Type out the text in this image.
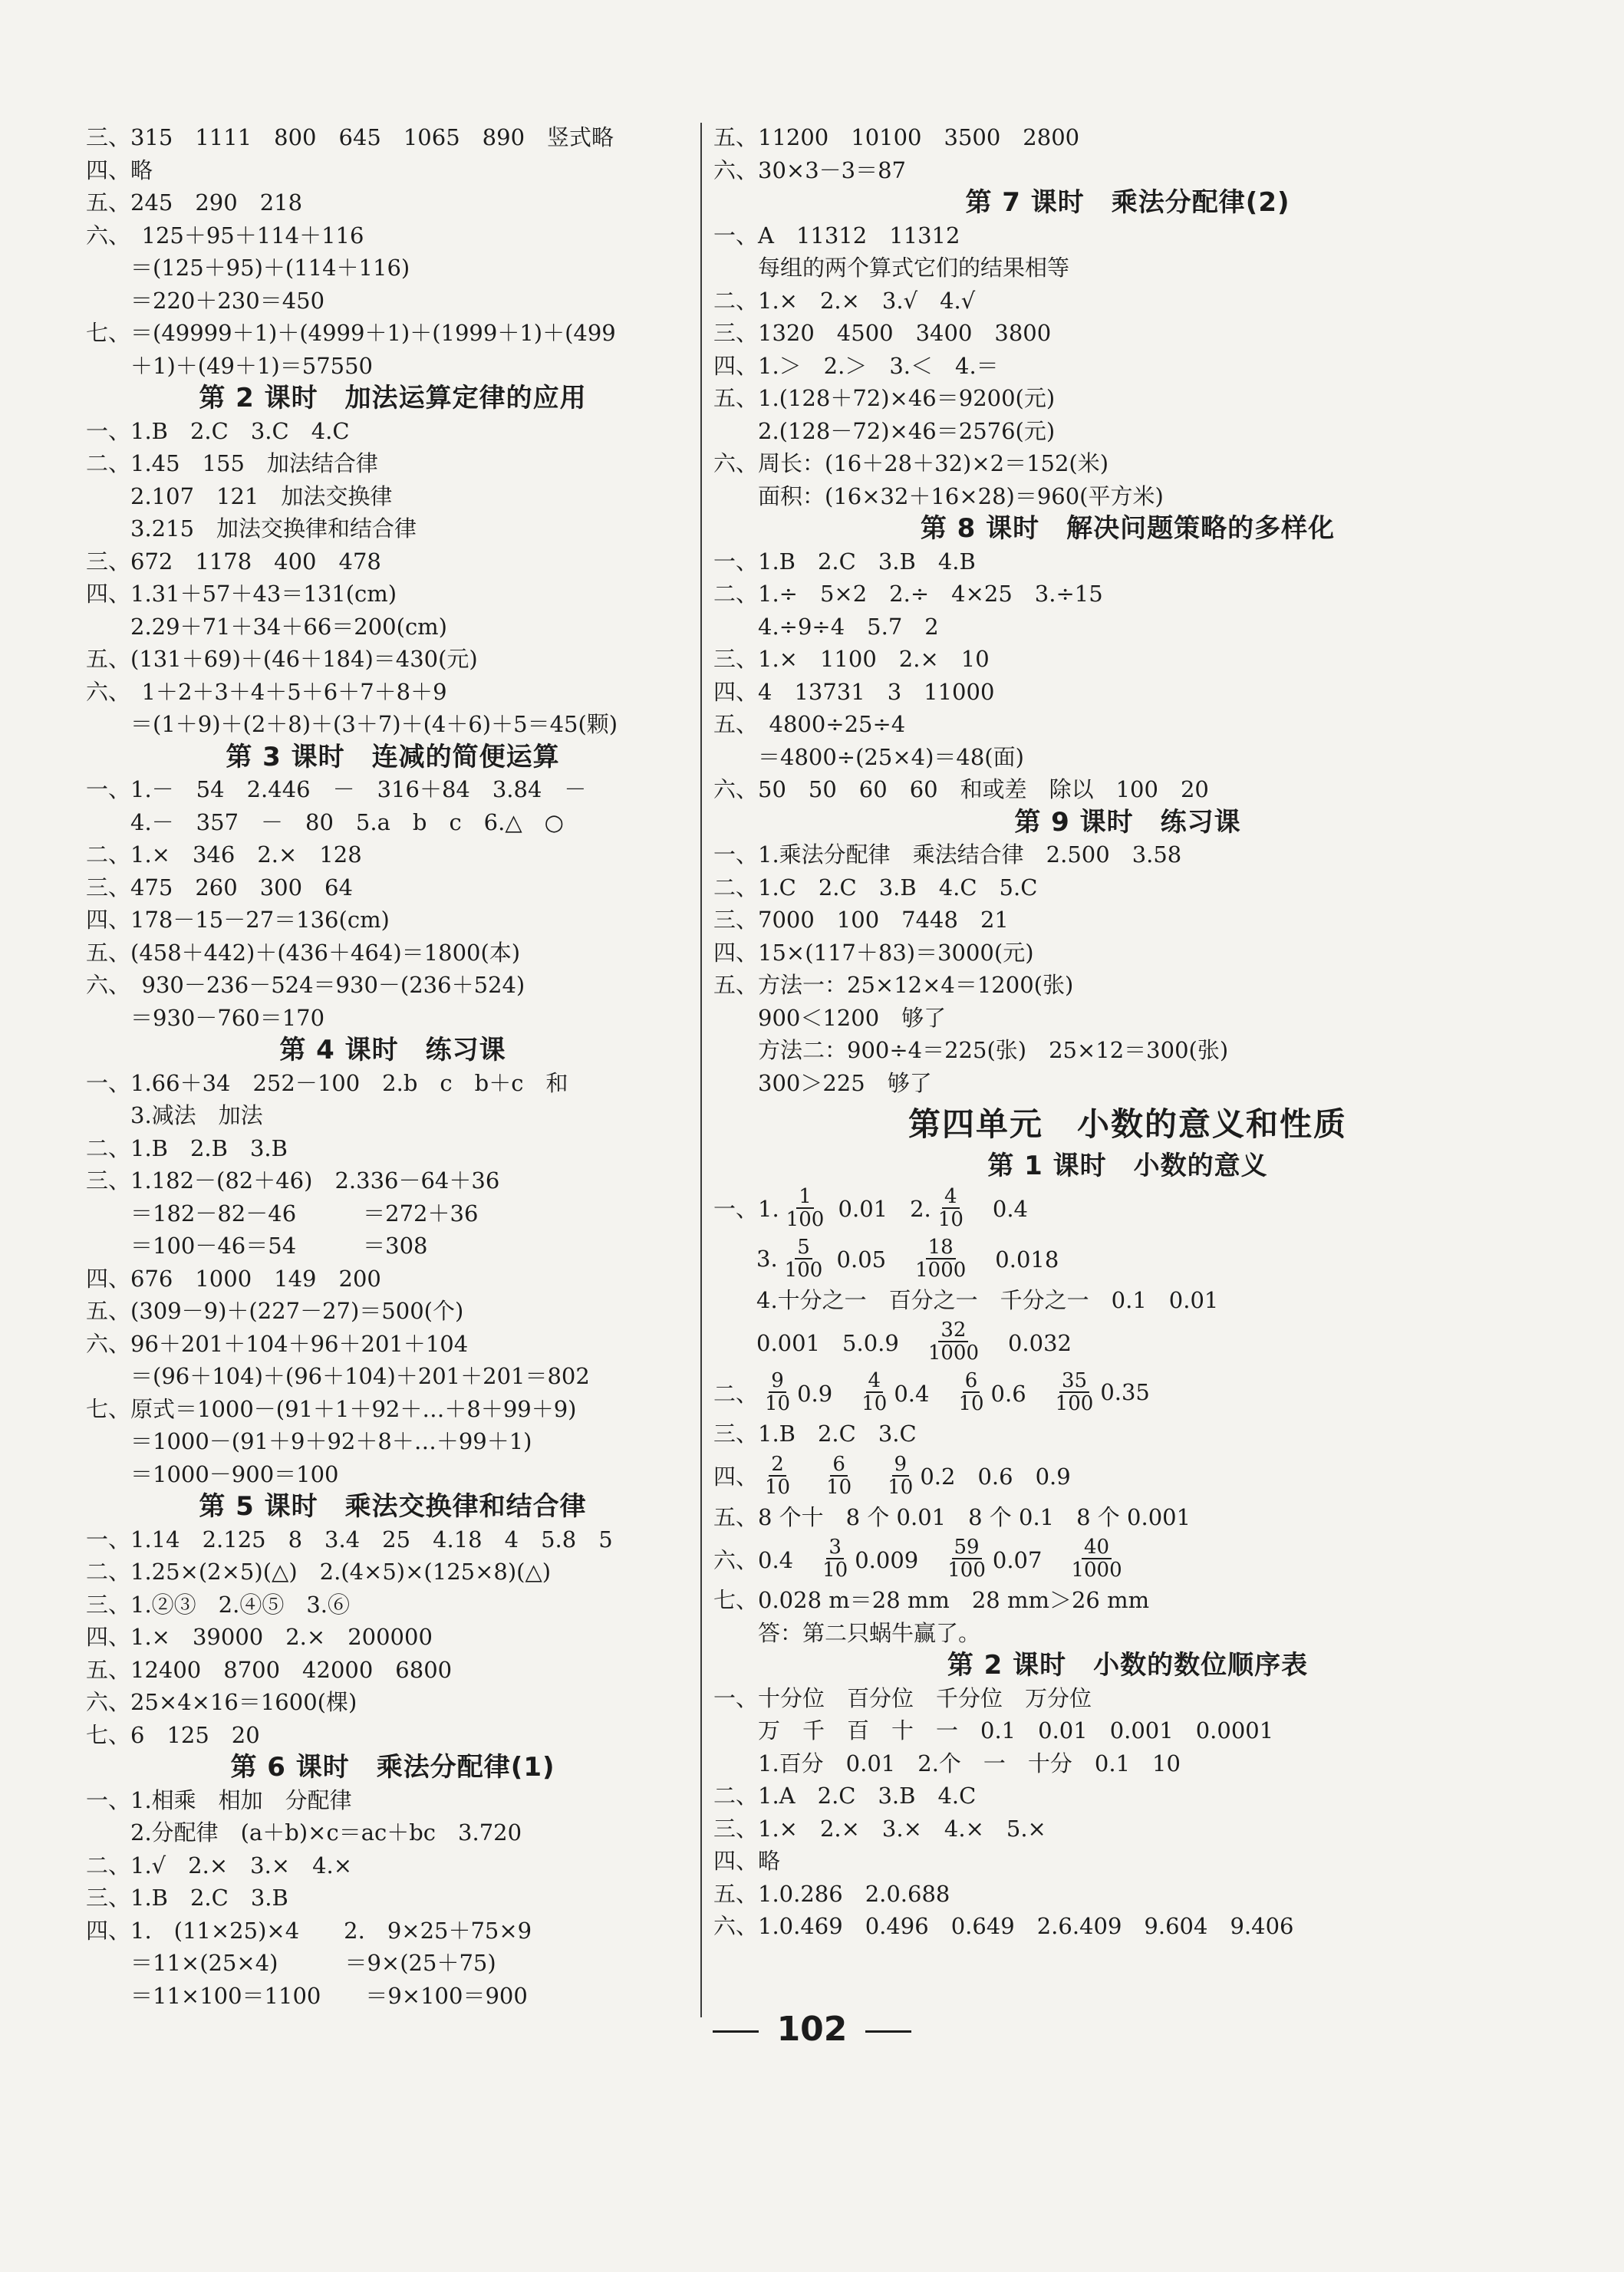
三、315　1111　800　645　1065　890　竖式略
四、略
五、245　290　218
六、　125＋95＋114＋116
　　＝(125＋95)＋(114＋116)
　　＝220＋230＝450
七、＝(49999＋1)＋(4999＋1)＋(1999＋1)＋(499
　　＋1)＋(49＋1)＝57550
第 2 课时　加法运算定律的应用
一、1.B　2.C　3.C　4.C
二、1.45　155　加法结合律
　　2.107　121　加法交换律
　　3.215　加法交换律和结合律
三、672　1178　400　478
四、1.31＋57＋43＝131(cm)
　　2.29＋71＋34＋66＝200(cm)
五、(131＋69)＋(46＋184)＝430(元)
六、　1＋2＋3＋4＋5＋6＋7＋8＋9
　　＝(1＋9)＋(2＋8)＋(3＋7)＋(4＋6)＋5＝45(颗)
第 3 课时　连减的简便运算
一、1.－　54　2.446　－　316＋84　3.84　－
　　4.－　357　－　80　5.a　b　c　6.△　○
二、1.×　346　2.×　128
三、475　260　300　64
四、178－15－27＝136(cm)
五、(458＋442)＋(436＋464)＝1800(本)
六、　930－236－524＝930－(236＋524)
　　＝930－760＝170
第 4 课时　练习课
一、1.66＋34　252－100　2.b　c　b＋c　和
　　3.减法　加法
二、1.B　2.B　3.B
三、1.182－(82＋46)　2.336－64＋36
　　＝182－82－46　　　＝272＋36
　　＝100－46＝54　　　＝308
四、676　1000　149　200
五、(309－9)＋(227－27)＝500(个)
六、96＋201＋104＋96＋201＋104
　　＝(96＋104)＋(96＋104)＋201＋201＝802
七、原式＝1000－(91＋1＋92＋…＋8＋99＋9)
　　＝1000－(91＋9＋92＋8＋…＋99＋1)
　　＝1000－900＝100
第 5 课时　乘法交换律和结合律
一、1.14　2.125　8　3.4　25　4.18　4　5.8　5
二、1.25×(2×5)(△)　2.(4×5)×(125×8)(△)
三、1.②③　2.④⑤　3.⑥
四、1.×　39000　2.×　200000
五、12400　8700　42000　6800
六、25×4×16＝1600(棵)
七、6　125　20
第 6 课时　乘法分配律(1)
一、1.相乘　相加　分配律
　　2.分配律　(a＋b)×c＝ac＋bc　3.720
二、1.√　2.×　3.×　4.×
三、1.B　2.C　3.B
四、1.　(11×25)×4　　2.　9×25＋75×9
　　＝11×(25×4)　　　＝9×(25＋75)
　　＝11×100＝1100　　＝9×100＝900
五、11200　10100　3500　2800
六、30×3－3＝87
第 7 课时　乘法分配律(2)
一、A　11312　11312
　　每组的两个算式它们的结果相等
二、1.×　2.×　3.√　4.√
三、1320　4500　3400　3800
四、1.＞　2.＞　3.＜　4.＝
五、1.(128＋72)×46＝9200(元)
　　2.(128－72)×46＝2576(元)
六、周长：(16＋28＋32)×2＝152(米)
　　面积：(16×32＋16×28)＝960(平方米)
第 8 课时　解决问题策略的多样化
一、1.B　2.C　3.B　4.B
二、1.÷　5×2　2.÷　4×25　3.÷15
　　4.÷9÷4　5.7　2
三、1.×　1100　2.×　10
四、4　13731　3　11000
五、　4800÷25÷4
　　＝4800÷(25×4)＝48(面)
六、50　50　60　60　和或差　除以　100　20
第 9 课时　练习课
一、1.乘法分配律　乘法结合律　2.500　3.58
二、1.C　2.C　3.B　4.C　5.C
三、7000　100　7448　21
四、15×(117＋83)＝3000(元)
五、方法一：25×12×4＝1200(张)
　　900＜1200　够了
　　方法二：900÷4＝225(张)　25×12＝300(张)
　　300＞225　够了
第四单元　小数的意义和性质
第 1 课时　小数的意义
一、1. $\frac{1}{100} 0.01$　2. $\frac{4}{10}$ 　0.4
3. $\frac{5}{100} 0.05$　 $\frac{18}{1000}$ 　0.018
4.十分之一　百分之一　千分之一　0.1　0.01
0.001　5.0.9　 $\frac{32}{1000}$ 　0.032
二、 $\frac{9}{10} 0.9$　 $\frac{4}{10} 0.4$　 $\frac{6}{10} 0.6$　 $\frac{35}{100} 0.35$
三、1.B　2.C　3.C
四、 $\frac{2}{10}$
　 $\frac{6}{10}$
　 $\frac{9}{10} 0.2$　0.6　0.9
五、8 个十　8 个 0.01　8 个 0.1　8 个 0.001
六、0.4　 $\frac{3}{10} 0.009$　 $\frac{59}{100} 0.07$　 $\frac{40}{1000}$
七、0.028 m＝28 mm　28 mm＞26 mm
　　答：第二只蜗牛赢了。
第 2 课时　小数的数位顺序表
一、十分位　百分位　千分位　万分位
　　万　千　百　十　一　0.1　0.01　0.001　0.0001
　　1.百分　0.01　2.个　一　十分　0.1　10
二、1.A　2.C　3.B　4.C
三、1.×　2.×　3.×　4.×　5.×
四、略
五、1.0.286　2.0.688
六、1.0.469　0.496　0.649　2.6.409　9.604　9.406
102
